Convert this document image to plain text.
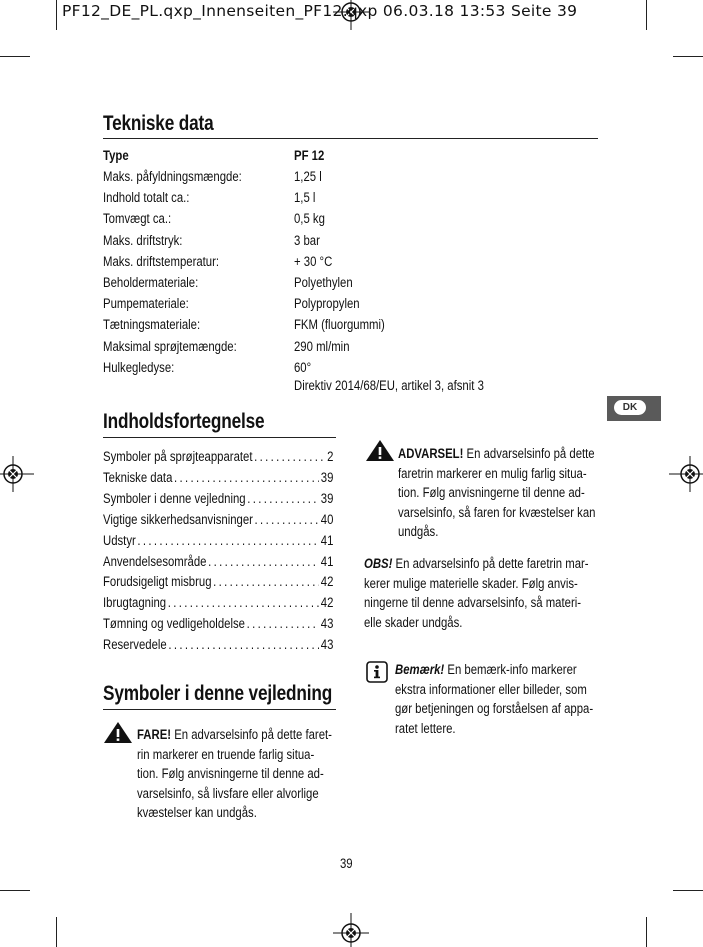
PF12_DE_PL.qxp_Innenseiten_PF12.qxp 06.03.18 13:53 Seite 39
Tekniske data
Type	PF 12
Maks. påfyldningsmængde:	1,25 l
Indhold totalt ca.:	1,5 l
Tomvægt ca.:	0,5 kg
Maks. driftstryk:	3 bar
Maks. driftstemperatur:	+ 30 °C
Beholdermateriale:	Polyethylen
Pumpemateriale:	Polypropylen
Tætningsmateriale:	FKM (fluorgummi)
Maksimal sprøjtemængde:	290 ml/min
Hulkegledyse:	60°
Direktiv 2014/68/EU, artikel 3, afsnit 3
DK
Indholdsfortegnelse
Symboler på sprøjteapparatet . . .	2
Tekniske data . . .	39
Symboler i denne vejledning . . .	39
Vigtige sikkerhedsanvisninger . . .	40
Udstyr . . .	41
Anvendelsesområde . . .	41
Forudsigeligt misbrug . . .	42
Ibrugtagning . . .	42
Tømning og vedligeholdelse . . .	43
Reservedele . . .	43
Symboler i denne vejledning
FARE! En advarselsinfo på dette faret-
rin markerer en truende farlig situa-
tion. Følg anvisningerne til denne ad-
varselsinfo, så livsfare eller alvorlige
kvæstelser kan undgås.
ADVARSEL! En advarselsinfo på dette
faretrin markerer en mulig farlig situa-
tion. Følg anvisningerne til denne ad-
varselsinfo, så faren for kvæstelser kan
undgås.
OBS! En advarselsinfo på dette faretrin mar-
kerer mulige materielle skader. Følg anvis-
ningerne til denne advarselsinfo, så materi-
elle skader undgås.
Bemærk! En bemærk-info markerer
ekstra informationer eller billeder, som
gør betjeningen og forståelsen af appa-
ratet lettere.
39
